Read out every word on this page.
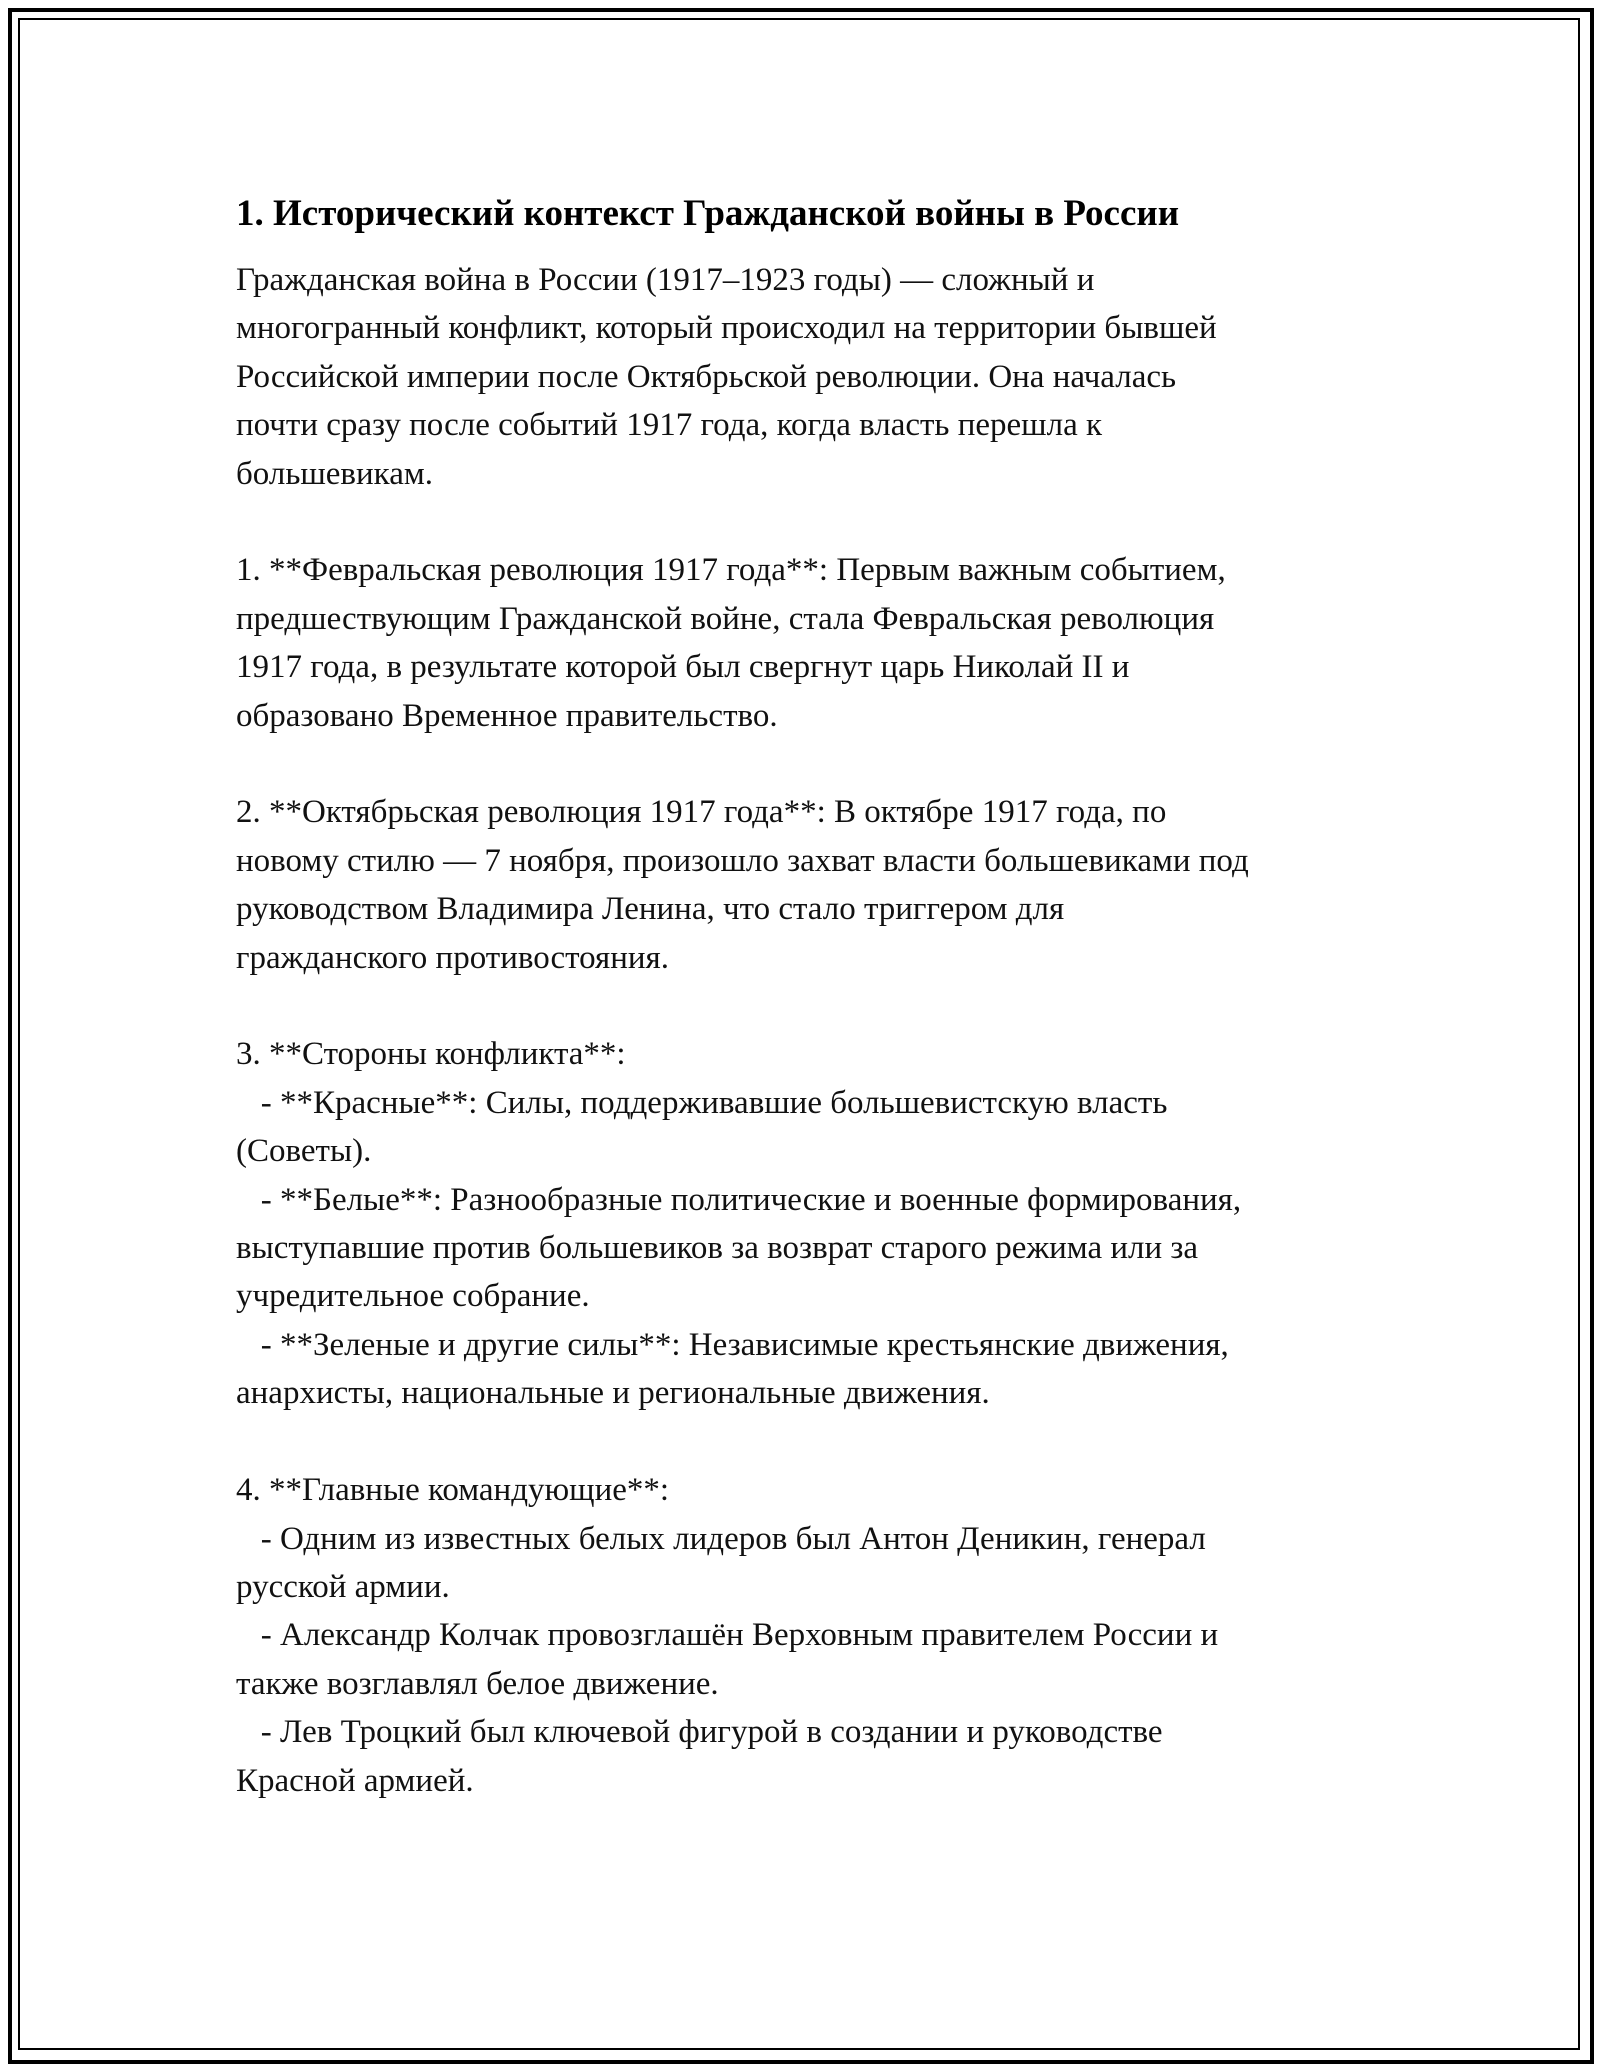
1. Исторический контекст Гражданской войны в России

Гражданская война в России (1917–1923 годы) — сложный и
многогранный конфликт, который происходил на территории бывшей
Российской империи после Октябрьской революции. Она началась
почти сразу после событий 1917 года, когда власть перешла к
большевикам.

1. **Февральская революция 1917 года**: Первым важным событием,
предшествующим Гражданской войне, стала Февральская революция
1917 года, в результате которой был свергнут царь Николай II и
образовано Временное правительство.

2. **Октябрьская революция 1917 года**: В октябре 1917 года, по
новому стилю — 7 ноября, произошло захват власти большевиками под
руководством Владимира Ленина, что стало триггером для
гражданского противостояния.

3. **Стороны конфликта**:
- **Красные**: Силы, поддерживавшие большевистскую власть
(Советы).
- **Белые**: Разнообразные политические и военные формирования,
выступавшие против большевиков за возврат старого режима или за
учредительное собрание.
- **Зеленые и другие силы**: Независимые крестьянские движения,
анархисты, национальные и региональные движения.

4. **Главные командующие**:
- Одним из известных белых лидеров был Антон Деникин, генерал
русской армии.
- Александр Колчак провозглашён Верховным правителем России и
также возглавлял белое движение.
- Лев Троцкий был ключевой фигурой в создании и руководстве
Красной армией.
